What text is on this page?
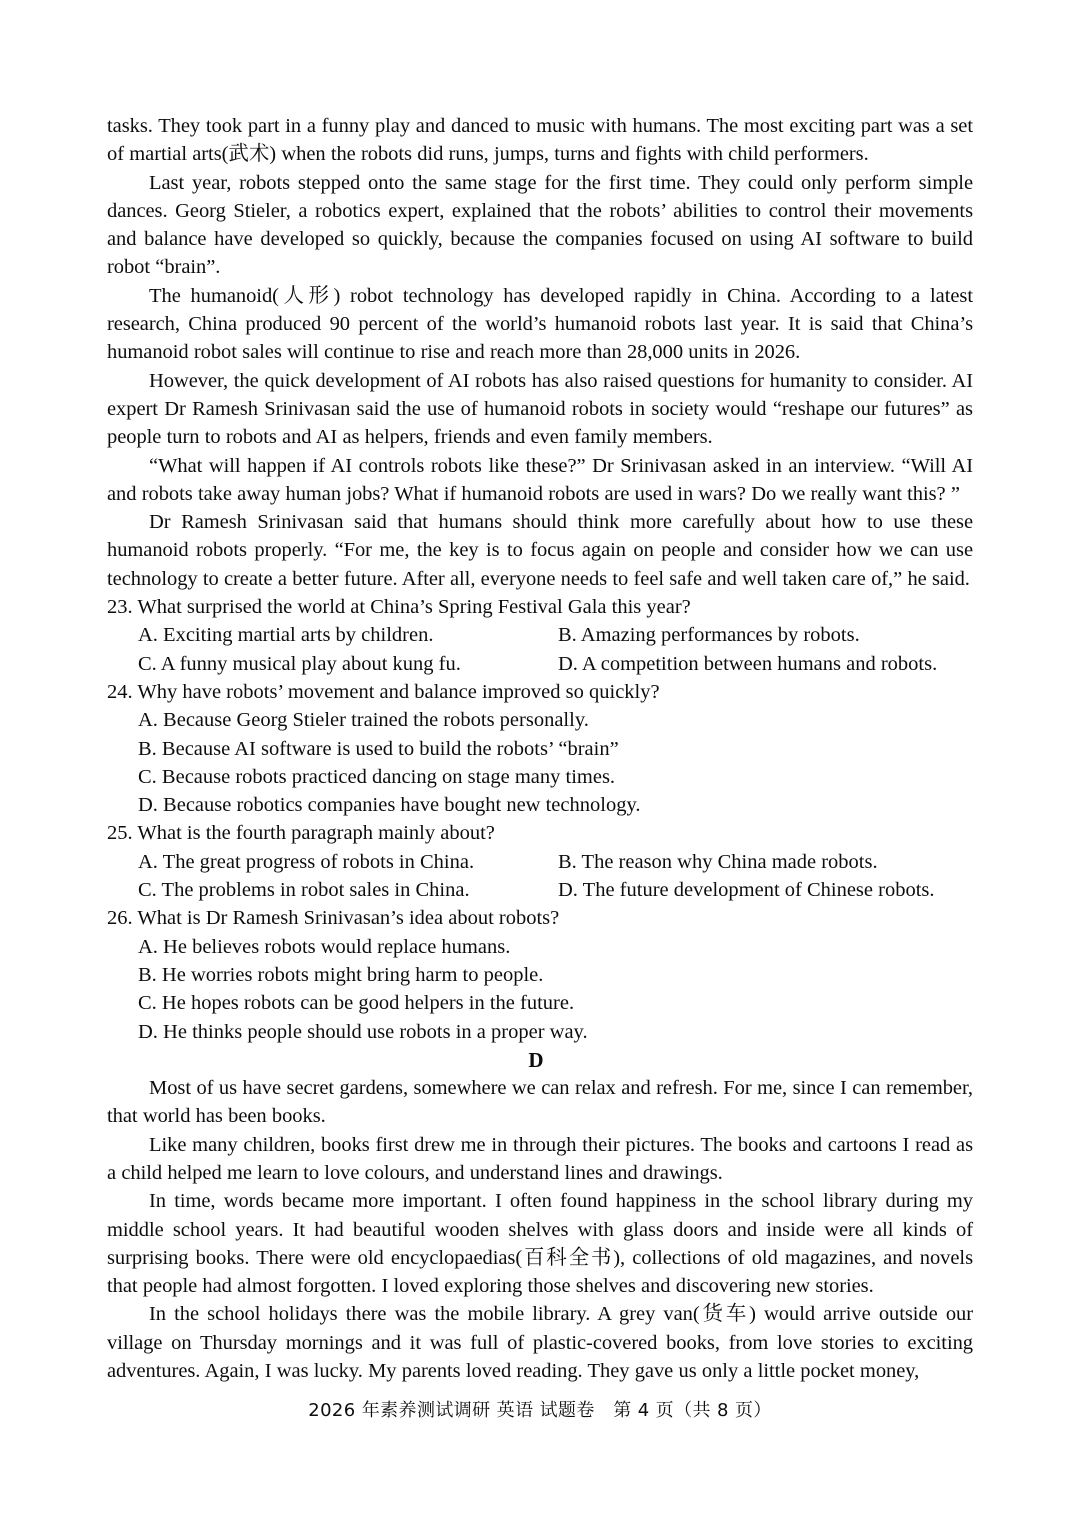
tasks. They took part in a funny play and danced to music with humans. The most exciting part was a set of martial arts(武术) when the robots did runs, jumps, turns and fights with child performers.

Last year, robots stepped onto the same stage for the first time. They could only perform simple dances. Georg Stieler, a robotics expert, explained that the robots’ abilities to control their movements and balance have developed so quickly, because the companies focused on using AI software to build robot “brain”.

The humanoid(人形) robot technology has developed rapidly in China. According to a latest research, China produced 90 percent of the world’s humanoid robots last year. It is said that China’s humanoid robot sales will continue to rise and reach more than 28,000 units in 2026.

However, the quick development of AI robots has also raised questions for humanity to consider. AI expert Dr Ramesh Srinivasan said the use of humanoid robots in society would “reshape our futures” as people turn to robots and AI as helpers, friends and even family members.

“What will happen if AI controls robots like these?” Dr Srinivasan asked in an interview. “Will AI and robots take away human jobs? What if humanoid robots are used in wars? Do we really want this? ”

Dr Ramesh Srinivasan said that humans should think more carefully about how to use these humanoid robots properly. “For me, the key is to focus again on people and consider how we can use technology to create a better future. After all, everyone needs to feel safe and well taken care of,” he said.

23. What surprised the world at China’s Spring Festival Gala this year?

A. Exciting martial arts by children.	B. Amazing performances by robots.

C. A funny musical play about kung fu.	D. A competition between humans and robots.

24. Why have robots’ movement and balance improved so quickly?

A. Because Georg Stieler trained the robots personally.

B. Because AI software is used to build the robots’ “brain”

C. Because robots practiced dancing on stage many times.

D. Because robotics companies have bought new technology.

25. What is the fourth paragraph mainly about?

A. The great progress of robots in China.	B. The reason why China made robots.

C. The problems in robot sales in China.	D. The future development of Chinese robots.

26. What is Dr Ramesh Srinivasan’s idea about robots?

A. He believes robots would replace humans.

B. He worries robots might bring harm to people.

C. He hopes robots can be good helpers in the future.

D. He thinks people should use robots in a proper way.

D

Most of us have secret gardens, somewhere we can relax and refresh. For me, since I can remember, that world has been books.

Like many children, books first drew me in through their pictures. The books and cartoons I read as a child helped me learn to love colours, and understand lines and drawings.

In time, words became more important. I often found happiness in the school library during my middle school years. It had beautiful wooden shelves with glass doors and inside were all kinds of surprising books. There were old encyclopaedias(百科全书), collections of old magazines, and novels that people had almost forgotten. I loved exploring those shelves and discovering new stories.

In the school holidays there was the mobile library. A grey van(货车) would arrive outside our village on Thursday mornings and it was full of plastic-covered books, from love stories to exciting adventures. Again, I was lucky. My parents loved reading. They gave us only a little pocket money,

2026 年素养测试调研 英语 试题卷　第 4 页（共 8 页）
